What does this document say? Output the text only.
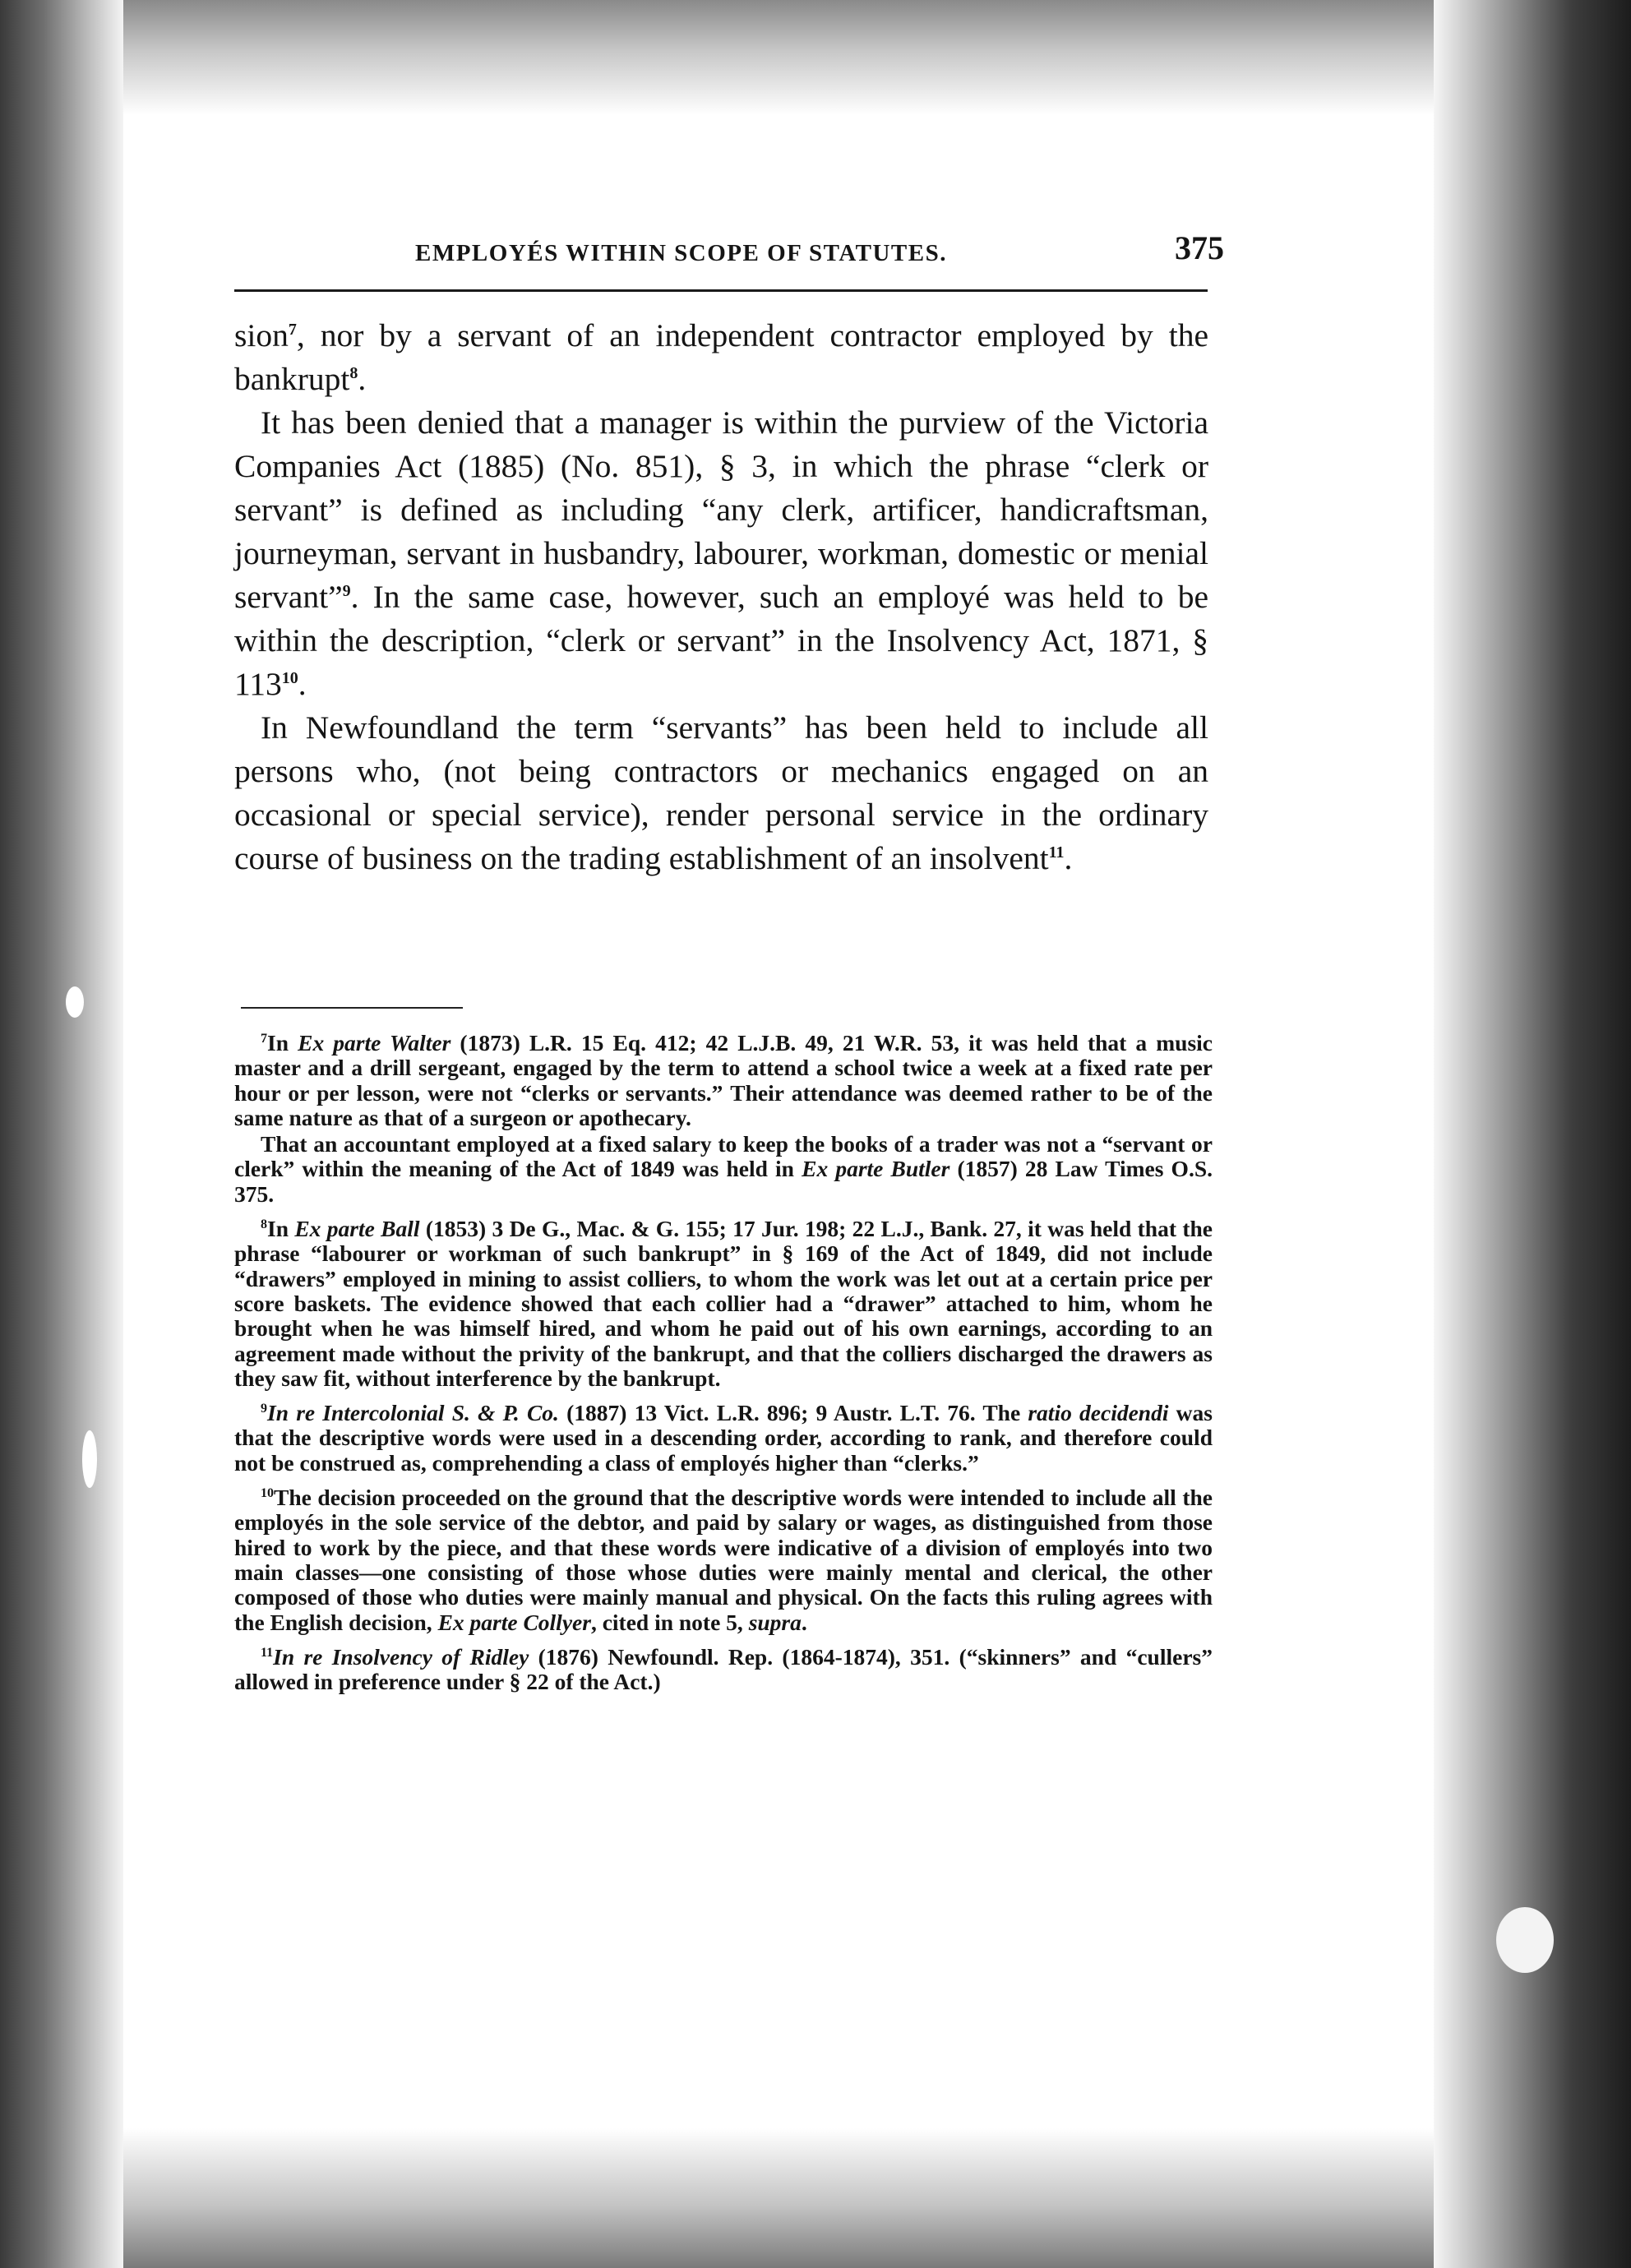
EMPLOYÉS WITHIN SCOPE OF STATUTES.	375

sion$^7$, nor by a servant of an independent contractor employed by the bankrupt$^8$.

It has been denied that a manager is within the purview of the Victoria Companies Act (1885) (No. 851), § 3, in which the phrase “clerk or servant” is defined as including “any clerk, artificer, handicraftsman, journeyman, servant in husbandry, labourer, workman, domestic or menial servant”$^9$. In the same case, however, such an employé was held to be within the description, “clerk or servant” in the Insolvency Act, 1871, § 113$^{10}$.

In Newfoundland the term “servants” has been held to include all persons who, (not being contractors or mechanics engaged on an occasional or special service), render personal service in the ordinary course of business on the trading establishment of an insolvent$^{11}$.

$^7$In Ex parte Walter (1873) L.R. 15 Eq. 412; 42 L.J.B. 49, 21 W.R. 53, it was held that a music master and a drill sergeant, engaged by the term to attend a school twice a week at a fixed rate per hour or per lesson, were not “clerks or servants.” Their attendance was deemed rather to be of the same nature as that of a surgeon or apothecary.

That an accountant employed at a fixed salary to keep the books of a trader was not a “servant or clerk” within the meaning of the Act of 1849 was held in Ex parte Butler (1857) 28 Law Times O.S. 375.

$^8$In Ex parte Ball (1853) 3 De G., Mac. & G. 155; 17 Jur. 198; 22 L.J., Bank. 27, it was held that the phrase “labourer or workman of such bankrupt” in § 169 of the Act of 1849, did not include “drawers” employed in mining to assist colliers, to whom the work was let out at a certain price per score baskets. The evidence showed that each collier had a “drawer” attached to him, whom he brought when he was himself hired, and whom he paid out of his own earnings, according to an agreement made without the privity of the bankrupt, and that the colliers discharged the drawers as they saw fit, without interference by the bankrupt.

$^9$In re Intercolonial S. & P. Co. (1887) 13 Vict. L.R. 896; 9 Austr. L.T. 76. The ratio decidendi was that the descriptive words were used in a descending order, according to rank, and therefore could not be construed as, comprehending a class of employés higher than “clerks.”

$^{10}$The decision proceeded on the ground that the descriptive words were intended to include all the employés in the sole service of the debtor, and paid by salary or wages, as distinguished from those hired to work by the piece, and that these words were indicative of a division of employés into two main classes—one consisting of those whose duties were mainly mental and clerical, the other composed of those who duties were mainly manual and physical. On the facts this ruling agrees with the English decision, Ex parte Collyer, cited in note 5, supra.

$^{11}$In re Insolvency of Ridley (1876) Newfoundl. Rep. (1864-1874), 351. (“skinners” and “cullers” allowed in preference under § 22 of the Act.)
